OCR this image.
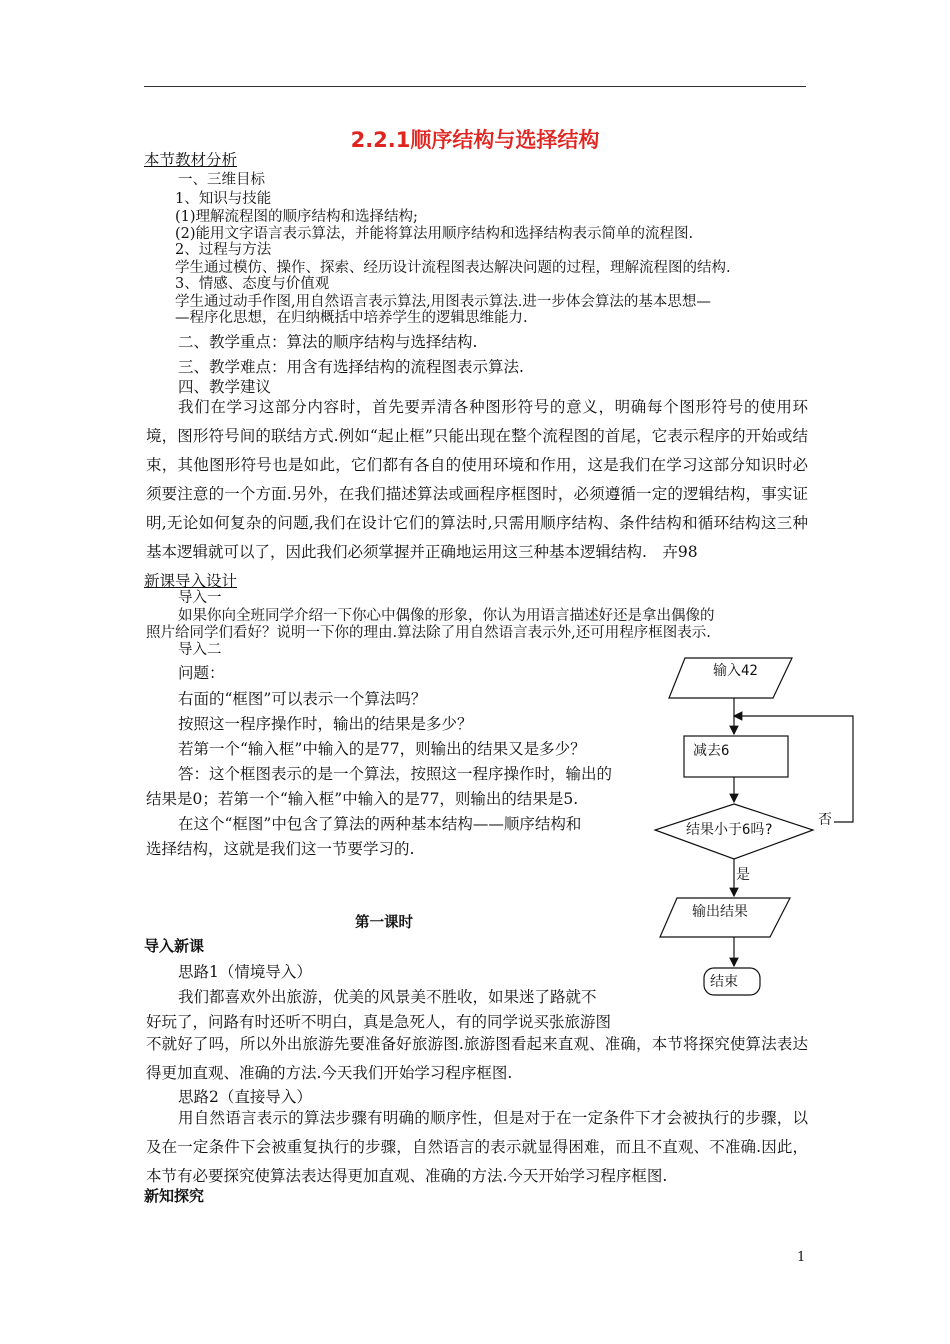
2.2.1顺序结构与选择结构
本节教材分析
一、三维目标
1、知识与技能
(1)理解流程图的顺序结构和选择结构;
(2)能用文字语言表示算法，并能将算法用顺序结构和选择结构表示简单的流程图.
2、过程与方法
学生通过模仿、操作、探索、经历设计流程图表达解决问题的过程，理解流程图的结构.
3、情感、态度与价值观
学生通过动手作图,用自然语言表示算法,用图表示算法.进一步体会算法的基本思想—
—程序化思想，在归纳概括中培养学生的逻辑思维能力.
二、教学重点：算法的顺序结构与选择结构.
三、教学难点：用含有选择结构的流程图表示算法.
四、教学建议
我们在学习这部分内容时，首先要弄清各种图形符号的意义，明确每个图形符号的使用环境，图形符号间的联结方式.例如“起止框”只能出现在整个流程图的首尾，它表示程序的开始或结束，其他图形符号也是如此，它们都有各自的使用环境和作用，这是我们在学习这部分知识时必须要注意的一个方面.另外，在我们描述算法或画程序框图时，必须遵循一定的逻辑结构，事实证明,无论如何复杂的问题,我们在设计它们的算法时,只需用顺序结构、条件结构和循环结构这三种基本逻辑就可以了，因此我们必须掌握并正确地运用这三种基本逻辑结构.　卉98
新课导入设计
导入一
如果你向全班同学介绍一下你心中偶像的形象，你认为用语言描述好还是拿出偶像的
照片给同学们看好？说明一下你的理由.算法除了用自然语言表示外,还可用程序框图表示.
导入二
问题：
右面的“框图”可以表示一个算法吗？
按照这一程序操作时，输出的结果是多少？
若第一个“输入框”中输入的是77，则输出的结果又是多少？
答：这个框图表示的是一个算法，按照这一程序操作时，输出的
结果是0；若第一个“输入框”中输入的是77，则输出的结果是5.
在这个“框图”中包含了算法的两种基本结构——顺序结构和
选择结构，这就是我们这一节要学习的.
输入42
减去6
结果小于6吗?
否
是
输出结果
结束
第一课时
导入新课
思路1（情境导入）
我们都喜欢外出旅游，优美的风景美不胜收，如果迷了路就不
好玩了，问路有时还听不明白，真是急死人，有的同学说买张旅游图
不就好了吗，所以外出旅游先要准备好旅游图.旅游图看起来直观、准确，本节将探究使算法表达得更加直观、准确的方法.今天我们开始学习程序框图.
思路2（直接导入）
用自然语言表示的算法步骤有明确的顺序性，但是对于在一定条件下才会被执行的步骤，以及在一定条件下会被重复执行的步骤，自然语言的表示就显得困难，而且不直观、不准确.因此，本节有必要探究使算法表达得更加直观、准确的方法.今天开始学习程序框图.
新知探究
1
